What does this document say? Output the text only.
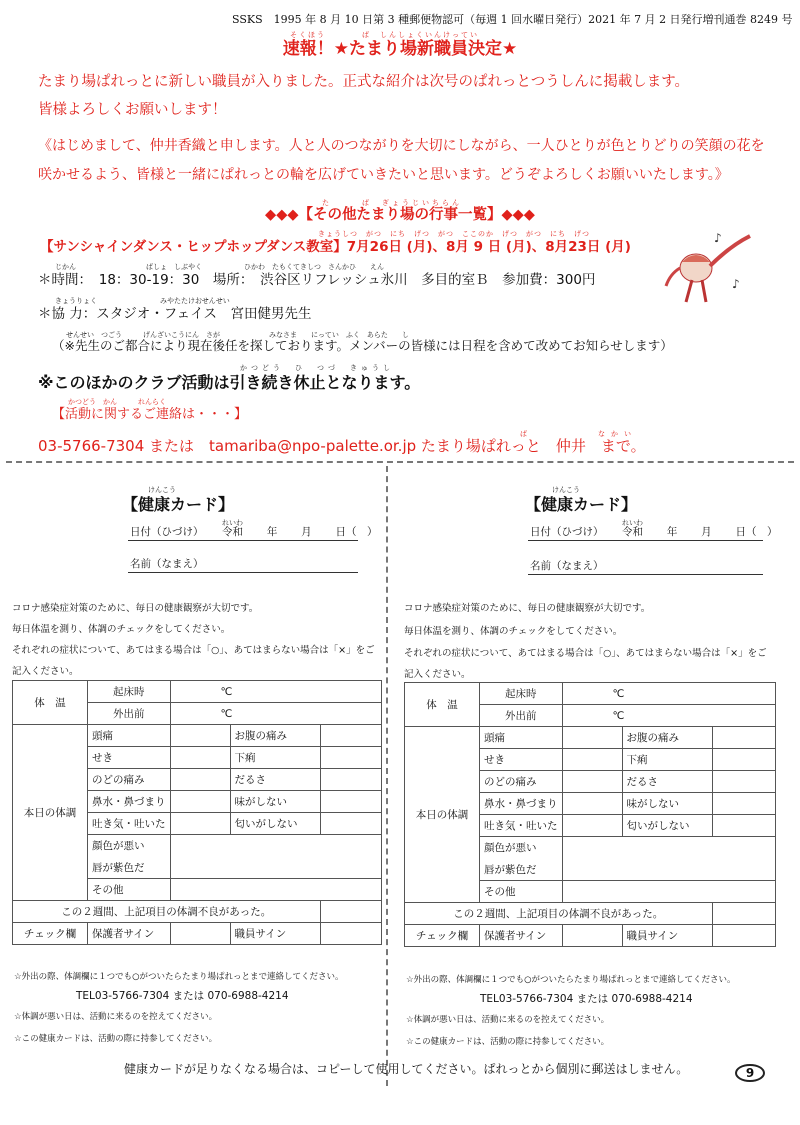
SSKS　1995 年 8 月 10 日第 3 種郵便物認可（毎週 1 回水曜日発行）2021 年 7 月 2 日発行増刊通巻 8249 号
速報！★たまり場新職員決定★
そくほう　　　　ば　しんしょくいんけってい
たまり場ぱれっとに新しい職員が入りました。正式な紹介は次号のぱれっとつうしんに掲載します。
皆様よろしくお願いします！
《はじめまして、仲井香織と申します。人と人のつながりを大切にしながら、一人ひとりが色とりどりの笑顔の花を
咲かせるよう、皆様と一緒にぱれっとの輪を広げていきたいと思います。どうぞよろしくお願いいたします。》
◆◆◆【その他たまり場の行事一覧】◆◆◆
た　　　ば　ぎょうじいちらん
【サンシャインダンス・ヒップホップダンス教室】7月26日 (月)、8月 9 日 (月)、8月23日 (月)
きょうしつ　がつ　にち　げつ　がつ　ここのか　げつ　がつ　にち　げつ
＊時間：　18：30-19：30　場所：　渋谷区リフレッシュ氷川　多目的室Ｂ　参加費：300円
じかん　　　　　　　　　　ばしょ　しぶやく　　　　　　ひかわ　たもくてきしつ　さんかひ　　えん
＊協 力：スタジオ・フェイス　宮田健男先生
きょうりょく　　　　　　　　　みやたたけおせんせい
（※先生のご都合により現在後任を探しております。メンバーの皆様には日程を含めて改めてお知らせします）
せんせい　つごう　　　げんざいこうにん　さが　　　　　　　みなさま　　にってい　ふく　あらた　　し
※このほかのクラブ活動は引き続き休止となります。
かつどう　ひ　つづ　きゅうし
【活動に関するご連絡は・・・】
かつどう　かん　　　れんらく
03-5766-7304 または　tamariba@npo-palette.or.jp たまり場ぱれっと　仲井　まで。
ば　　　　　なかい
♪
♪
【健康カード】
けんこう
日付（ひづけ） 令和　 年　 月　 日（　）
れいわ
名前（なまえ）
コロナ感染症対策のために、毎日の健康観察が大切です。
毎日体温を測り、体調のチェックをしてください。
それぞれの症状について、あてはまる場合は「○」、あてはまらない場合は「×」をご
記入ください。
体　温	起床時	℃		
	外出前	℃		
本日の体調	頭痛		お腹の痛み	
	せき		下痢	
	のどの痛み		だるさ	
	鼻水・鼻づまり		味がしない	
	吐き気・吐いた		匂いがしない	
	顔色が悪い			
	唇が紫色だ			
	その他			
この２週間、上記項目の体調不良があった。				
チェック欄	保護者サイン		職員サイン	
☆外出の際、体調欄に１つでも○がついたらたまり場ぱれっとまで連絡してください。
TEL03-5766-7304 または 070-6988-4214
☆体調が悪い日は、活動に来るのを控えてください。
☆この健康カードは、活動の際に持参してください。
【健康カード】
けんこう
日付（ひづけ） 令和　 年　 月　 日（　）
れいわ
名前（なまえ）
コロナ感染症対策のために、毎日の健康観察が大切です。
毎日体温を測り、体調のチェックをしてください。
それぞれの症状について、あてはまる場合は「○」、あてはまらない場合は「×」をご
記入ください。
体　温	起床時	℃		
	外出前	℃		
本日の体調	頭痛		お腹の痛み	
	せき		下痢	
	のどの痛み		だるさ	
	鼻水・鼻づまり		味がしない	
	吐き気・吐いた		匂いがしない	
	顔色が悪い			
	唇が紫色だ			
	その他			
この２週間、上記項目の体調不良があった。				
チェック欄	保護者サイン		職員サイン	
☆外出の際、体調欄に１つでも○がついたらたまり場ぱれっとまで連絡してください。
TEL03-5766-7304 または 070-6988-4214
☆体調が悪い日は、活動に来るのを控えてください。
☆この健康カードは、活動の際に持参してください。
健康カードが足りなくなる場合は、コピーして使用してください。ぱれっとから個別に郵送はしません。	9
